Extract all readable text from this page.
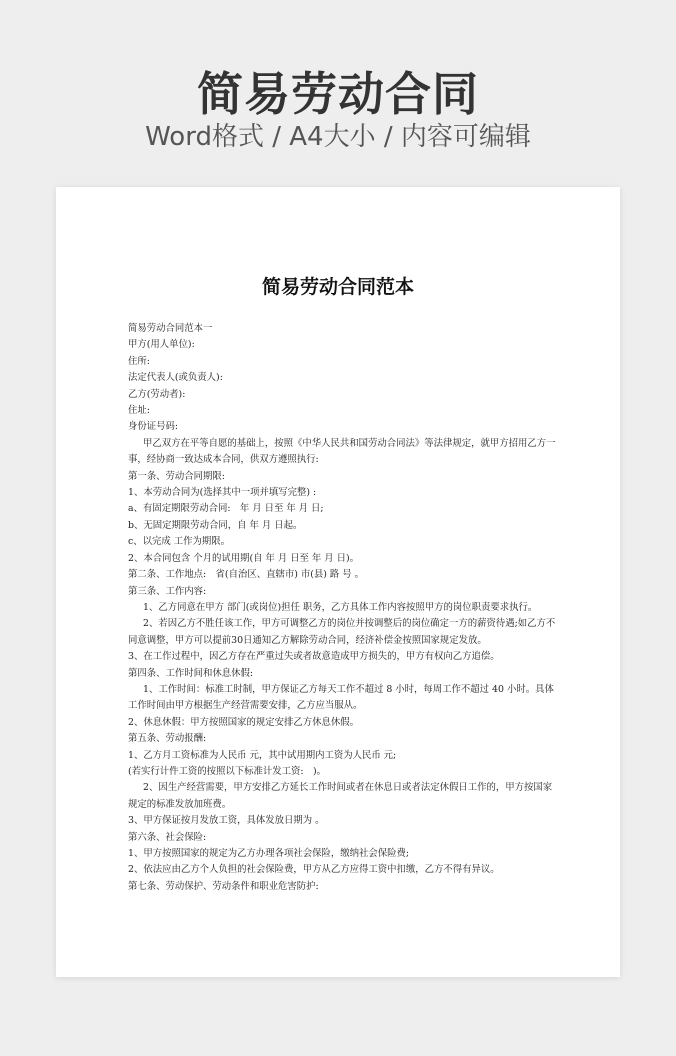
简易劳动合同
Word格式 / A4大小 / 内容可编辑
简易劳动合同范本

简易劳动合同范本一

甲方(用人单位):

住所:

法定代表人(或负责人):

乙方(劳动者):

住址:

身份证号码:

甲乙双方在平等自愿的基础上，按照《中华人民共和国劳动合同法》等法律规定，就甲方招用乙方一事，经协商一致达成本合同，供双方遵照执行:

第一条、劳动合同期限:

1、本劳动合同为(选择其中一项并填写完整) :

a、有固定期限劳动合同:　年 月 日至 年 月 日;

b、无固定期限劳动合同，自 年 月 日起。

c、以完成 工作为期限。

2、本合同包含 个月的试用期(自 年 月 日至 年 月 日)。

第二条、工作地点:　省(自治区、直辖市) 市(县) 路 号 。

第三条、工作内容:

1、乙方同意在甲方 部门(或岗位)担任 职务，乙方具体工作内容按照甲方的岗位职责要求执行。

2、若因乙方不胜任该工作，甲方可调整乙方的岗位并按调整后的岗位确定一方的薪资待遇;如乙方不同意调整，甲方可以提前30日通知乙方解除劳动合同，经济补偿金按照国家规定发放。

3、在工作过程中，因乙方存在严重过失或者故意造成甲方损失的，甲方有权向乙方追偿。

第四条、工作时间和休息休假:

1、工作时间：标准工时制，甲方保证乙方每天工作不超过 8 小时，每周工作不超过 40 小时。具体工作时间由甲方根据生产经营需要安排，乙方应当服从。

2、休息休假：甲方按照国家的规定安排乙方休息休假。

第五条、劳动报酬:

1、乙方月工资标准为人民币 元，其中试用期内工资为人民币 元;

(若实行计件工资的按照以下标准计发工资:　)。

2、因生产经营需要，甲方安排乙方延长工作时间或者在休息日或者法定休假日工作的，甲方按国家规定的标准发放加班费。

3、甲方保证按月发放工资，具体发放日期为 。

第六条、社会保险:

1、甲方按照国家的规定为乙方办理各项社会保险，缴纳社会保险费;

2、依法应由乙方个人负担的社会保险费，甲方从乙方应得工资中扣缴，乙方不得有异议。

第七条、劳动保护、劳动条件和职业危害防护:
